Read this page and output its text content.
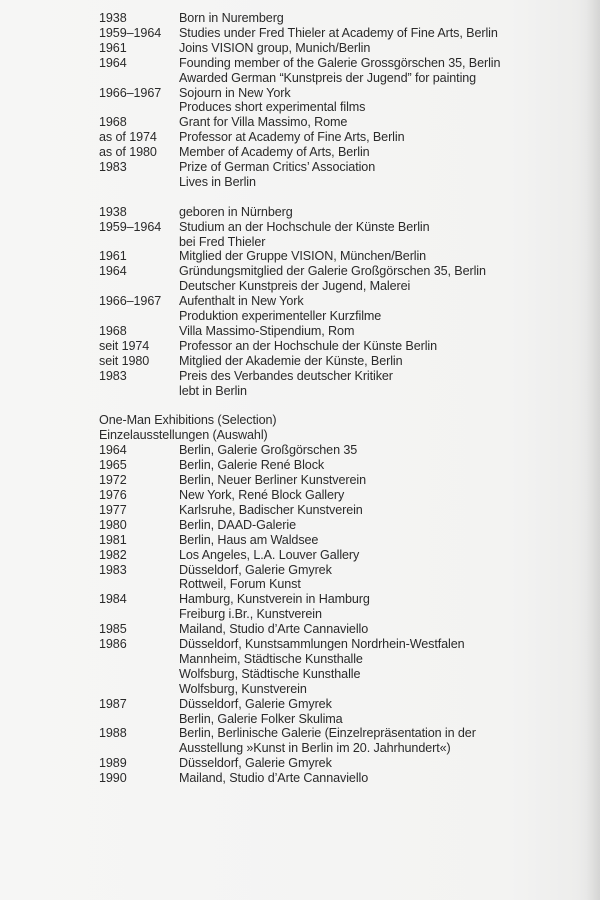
1938	Born in Nuremberg
1959–1964	Studies under Fred Thieler at Academy of Fine Arts, Berlin
1961	Joins VISION group, Munich/Berlin
1964	Founding member of the Galerie Grossgörschen 35, Berlin
Awarded German “Kunstpreis der Jugend” for painting
1966–1967	Sojourn in New York
Produces short experimental films
1968	Grant for Villa Massimo, Rome
as of 1974	Professor at Academy of Fine Arts, Berlin
as of 1980	Member of Academy of Arts, Berlin
1983	Prize of German Critics’ Association
Lives in Berlin
1938	geboren in Nürnberg
1959–1964	Studium an der Hochschule der Künste Berlin
bei Fred Thieler
1961	Mitglied der Gruppe VISION, München/Berlin
1964	Gründungsmitglied der Galerie Großgörschen 35, Berlin
Deutscher Kunstpreis der Jugend, Malerei
1966–1967	Aufenthalt in New York
Produktion experimenteller Kurzfilme
1968	Villa Massimo-Stipendium, Rom
seit 1974	Professor an der Hochschule der Künste Berlin
seit 1980	Mitglied der Akademie der Künste, Berlin
1983	Preis des Verbandes deutscher Kritiker
lebt in Berlin
One-Man Exhibitions (Selection)
Einzelausstellungen (Auswahl)
1964	Berlin, Galerie Großgörschen 35
1965	Berlin, Galerie René Block
1972	Berlin, Neuer Berliner Kunstverein
1976	New York, René Block Gallery
1977	Karlsruhe, Badischer Kunstverein
1980	Berlin, DAAD-Galerie
1981	Berlin, Haus am Waldsee
1982	Los Angeles, L.A. Louver Gallery
1983	Düsseldorf, Galerie Gmyrek
Rottweil, Forum Kunst
1984	Hamburg, Kunstverein in Hamburg
Freiburg i.Br., Kunstverein
1985	Mailand, Studio d’Arte Cannaviello
1986	Düsseldorf, Kunstsammlungen Nordrhein-Westfalen
Mannheim, Städtische Kunsthalle
Wolfsburg, Städtische Kunsthalle
Wolfsburg, Kunstverein
1987	Düsseldorf, Galerie Gmyrek
Berlin, Galerie Folker Skulima
1988	Berlin, Berlinische Galerie (Einzelrepräsentation in der
Ausstellung »Kunst in Berlin im 20. Jahrhundert«)
1989	Düsseldorf, Galerie Gmyrek
1990	Mailand, Studio d’Arte Cannaviello
